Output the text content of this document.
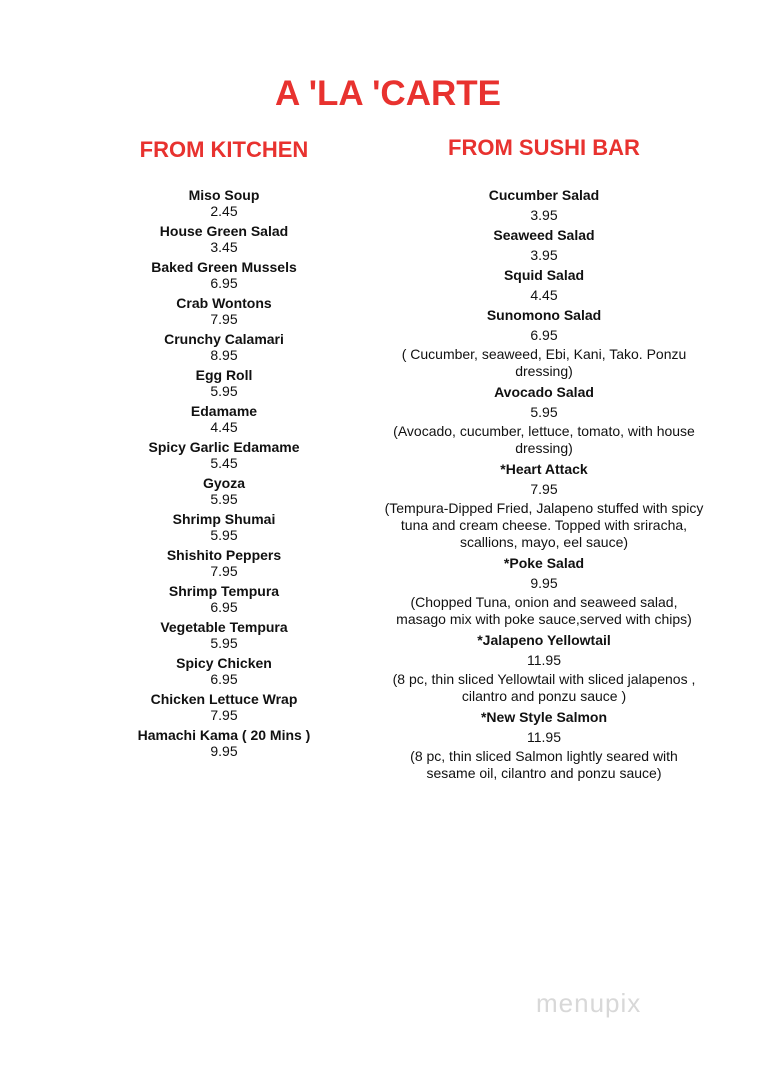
A 'LA 'CARTE
FROM KITCHEN	FROM SUSHI BAR
Miso Soup
2.45
House Green Salad
3.45
Baked Green Mussels
6.95
Crab Wontons
7.95
Crunchy Calamari
8.95
Egg Roll
5.95
Edamame
4.45
Spicy Garlic Edamame
5.45
Gyoza
5.95
Shrimp Shumai
5.95
Shishito Peppers
7.95
Shrimp Tempura
6.95
Vegetable Tempura
5.95
Spicy Chicken
6.95
Chicken Lettuce Wrap
7.95
Hamachi Kama ( 20 Mins )
9.95
Cucumber Salad
3.95
Seaweed Salad
3.95
Squid Salad
4.45
Sunomono Salad
6.95
( Cucumber, seaweed, Ebi, Kani, Tako. Ponzu dressing)
Avocado Salad
5.95
(Avocado, cucumber, lettuce, tomato, with house dressing)
*Heart Attack
7.95
(Tempura-Dipped Fried, Jalapeno stuffed with spicy tuna and cream cheese. Topped with sriracha, scallions, mayo, eel sauce)
*Poke Salad
9.95
(Chopped Tuna, onion and seaweed salad, masago mix with poke sauce,served with chips)
*Jalapeno Yellowtail
11.95
(8 pc, thin sliced Yellowtail with sliced jalapenos , cilantro and ponzu sauce )
*New Style Salmon
11.95
(8 pc, thin sliced Salmon lightly seared with sesame oil, cilantro and ponzu sauce)
menupix
